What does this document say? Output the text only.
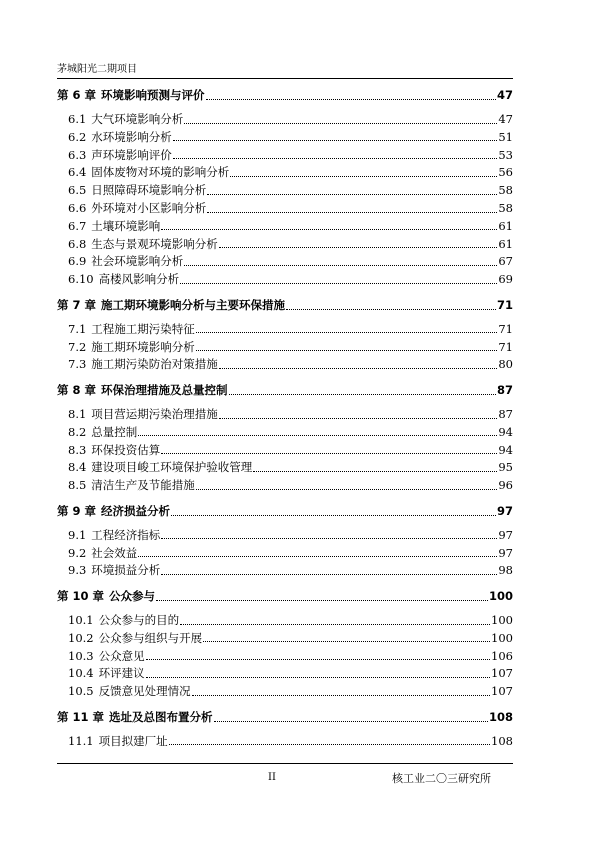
茅城阳光二期项目
第 6 章 环境影响预测与评价	47
6.1 大气环境影响分析	47
6.2 水环境影响分析	51
6.3 声环境影响评价	53
6.4 固体废物对环境的影响分析	56
6.5 日照障碍环境影响分析	58
6.6 外环境对小区影响分析	58
6.7 土壤环境影响	61
6.8 生态与景观环境影响分析	61
6.9 社会环境影响分析	67
6.10 高楼风影响分析	69
第 7 章 施工期环境影响分析与主要环保措施	71
7.1 工程施工期污染特征	71
7.2 施工期环境影响分析	71
7.3 施工期污染防治对策措施	80
第 8 章 环保治理措施及总量控制	87
8.1 项目营运期污染治理措施	87
8.2 总量控制	94
8.3 环保投资估算	94
8.4 建设项目峻工环境保护验收管理	95
8.5 清洁生产及节能措施	96
第 9 章 经济损益分析	97
9.1 工程经济指标	97
9.2 社会效益	97
9.3 环境损益分析	98
第 10 章 公众参与	100
10.1 公众参与的目的	100
10.2 公众参与组织与开展	100
10.3 公众意见	106
10.4 环评建议	107
10.5 反馈意见处理情况	107
第 11 章 选址及总图布置分析	108
11.1 项目拟建厂址	108
II	核工业二〇三研究所
